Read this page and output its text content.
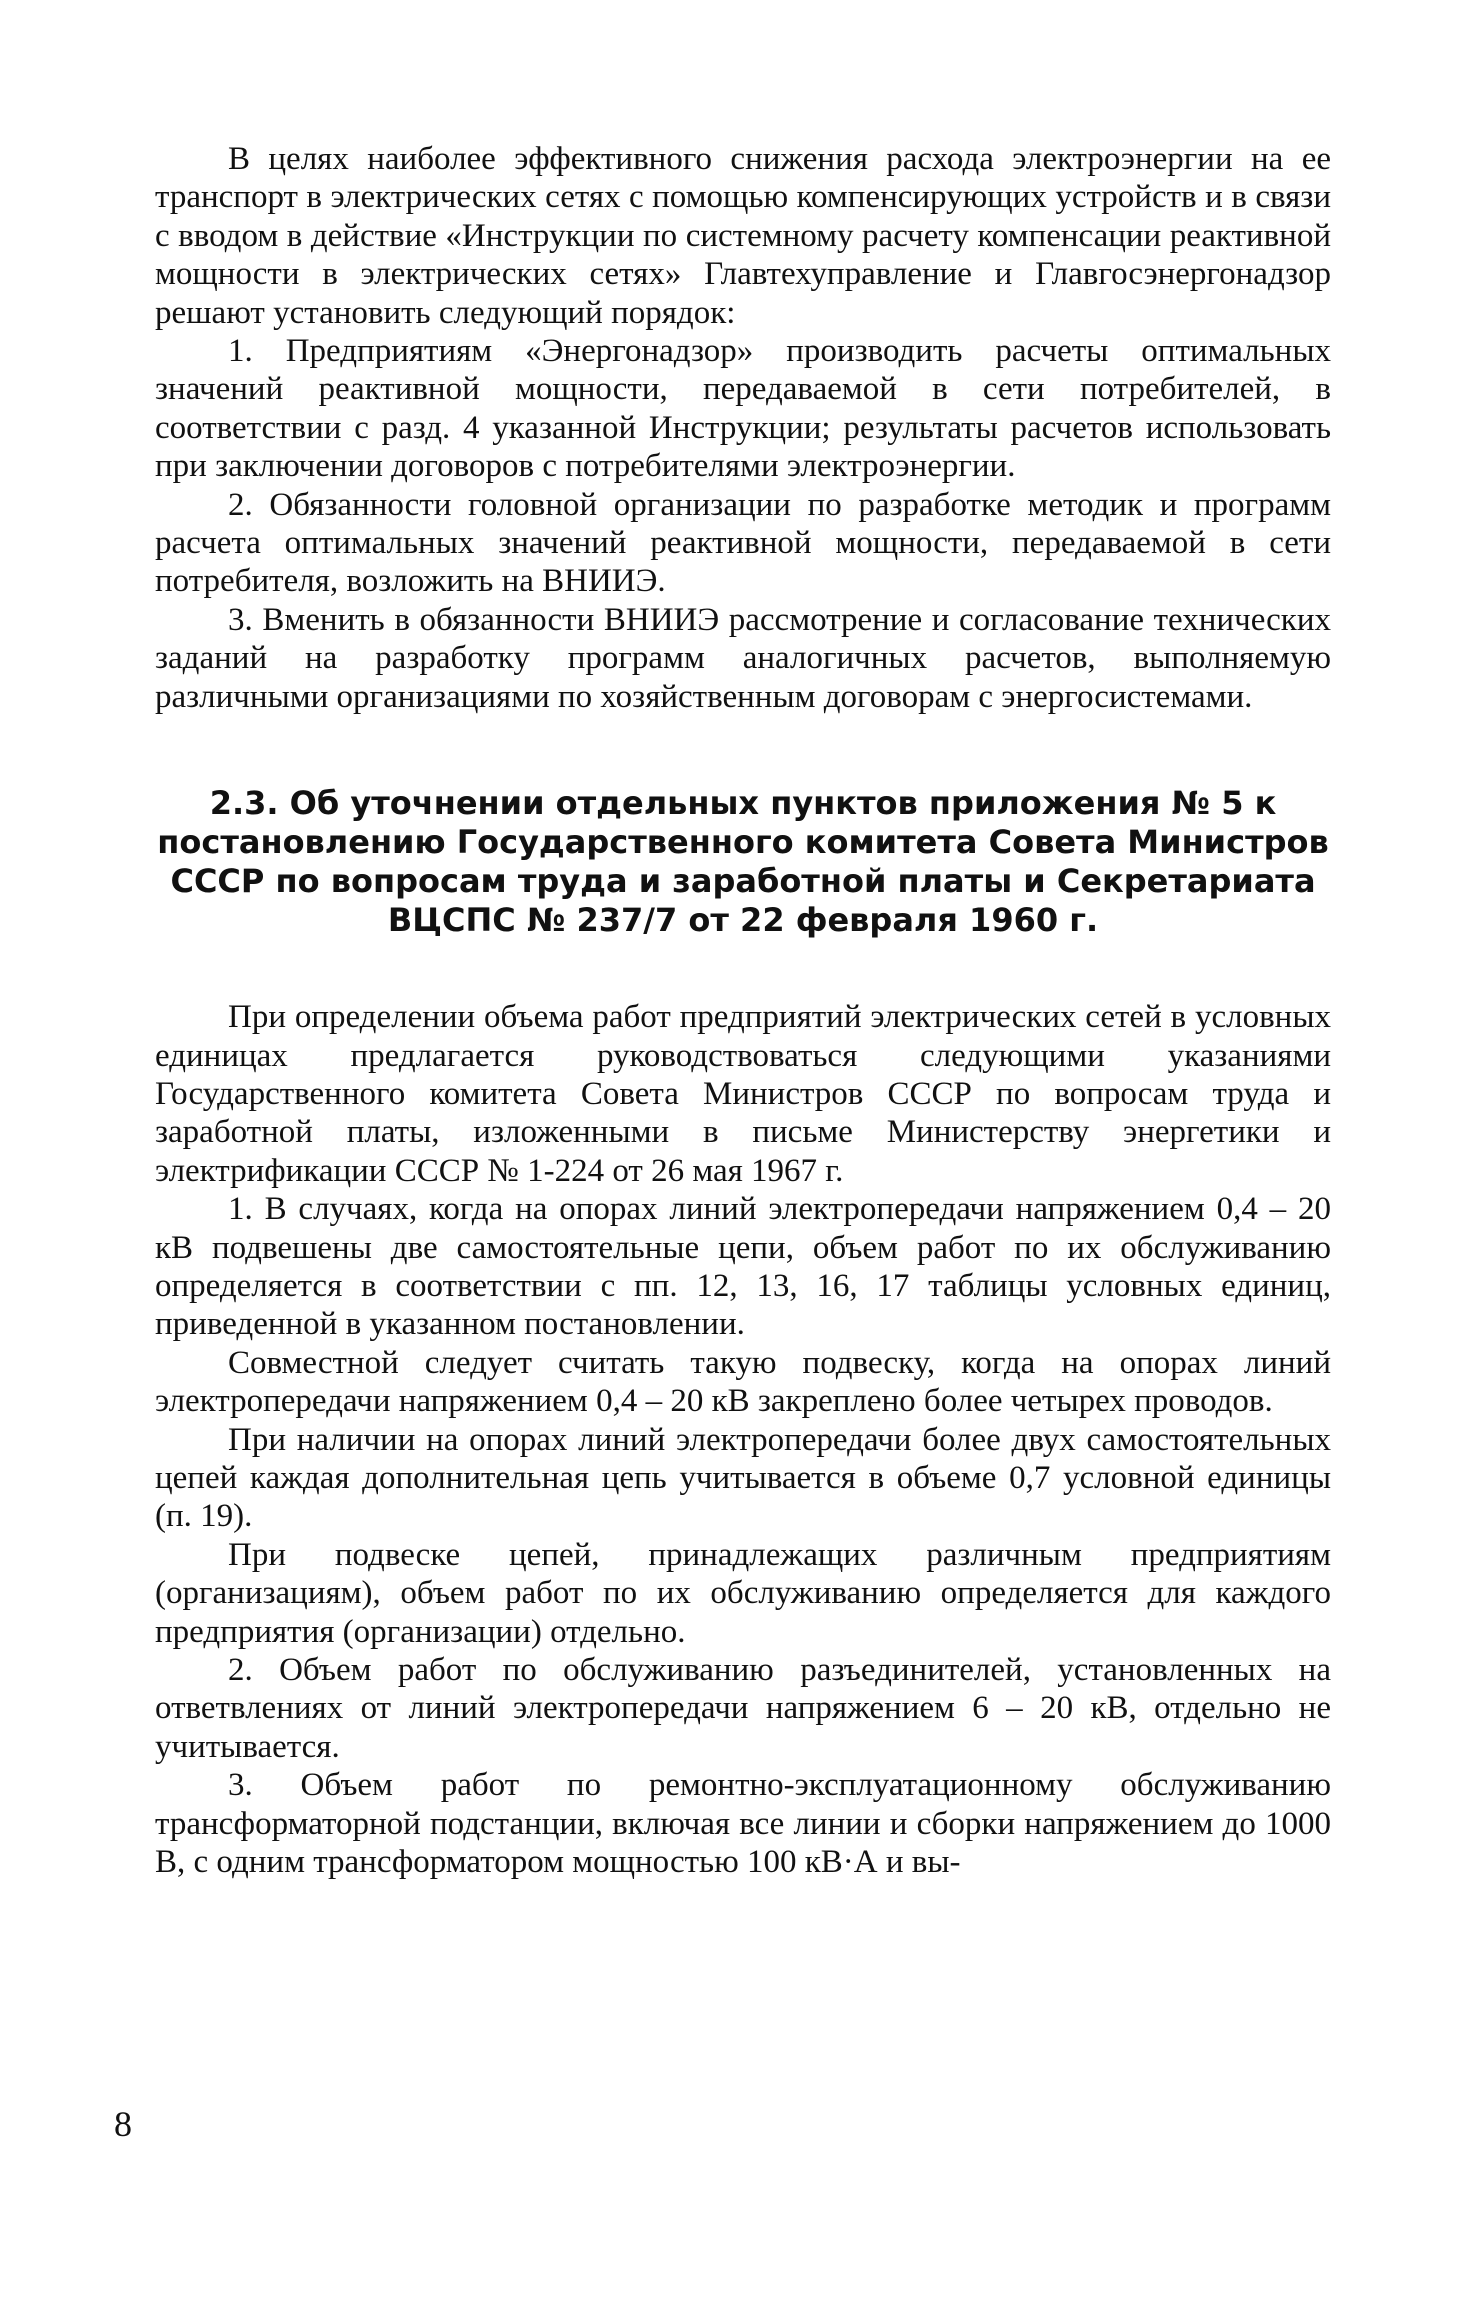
В целях наиболее эффективного снижения расхода электроэнергии на ее транспорт в электрических сетях с помощью компенсирующих устройств и в связи с вводом в действие «Инструкции по системному расчету компенсации реактивной мощности в электрических сетях» Главтехуправление и Главгосэнергонадзор решают установить следующий порядок:

1. Предприятиям «Энергонадзор» производить расчеты оптимальных значений реактивной мощности, передаваемой в сети потребителей, в соответствии с разд. 4 указанной Инструкции; результаты расчетов использовать при заключении договоров с потребителями электроэнергии.

2. Обязанности головной организации по разработке методик и программ расчета оптимальных значений реактивной мощности, передаваемой в сети потребителя, возложить на ВНИИЭ.

3. Вменить в обязанности ВНИИЭ рассмотрение и согласование технических заданий на разработку программ аналогичных расчетов, выполняемую различными организациями по хозяйственным договорам с энергосистемами.

2.3. Об уточнении отдельных пунктов приложения № 5 к постановлению Государственного комитета Совета Министров СССР по вопросам труда и заработной платы и Секретариата ВЦСПС № 237/7 от 22 февраля 1960 г.

При определении объема работ предприятий электрических сетей в условных единицах предлагается руководствоваться следующими указаниями Государственного комитета Совета Министров СССР по вопросам труда и заработной платы, изложенными в письме Министерству энергетики и электрификации СССР № 1-224 от 26 мая 1967 г.

1. В случаях, когда на опорах линий электропередачи напряжением 0,4 – 20 кВ подвешены две самостоятельные цепи, объем работ по их обслуживанию определяется в соответствии с пп. 12, 13, 16, 17 таблицы условных единиц, приведенной в указанном постановлении.

Совместной следует считать такую подвеску, когда на опорах линий электропередачи напряжением 0,4 – 20 кВ закреплено более четырех проводов.

При наличии на опорах линий электропередачи более двух самостоятельных цепей каждая дополнительная цепь учитывается в объеме 0,7 условной единицы (п. 19).

При подвеске цепей, принадлежащих различным предприятиям (организациям), объем работ по их обслуживанию определяется для каждого предприятия (организации) отдельно.

2. Объем работ по обслуживанию разъединителей, установленных на ответвлениях от линий электропередачи напряжением 6 – 20 кВ, отдельно не учитывается.

3. Объем работ по ремонтно-эксплуатационному обслуживанию трансформаторной подстанции, включая все линии и сборки напряжением до 1000 В, с одним трансформатором мощностью 100 кВ·А и вы-

8
